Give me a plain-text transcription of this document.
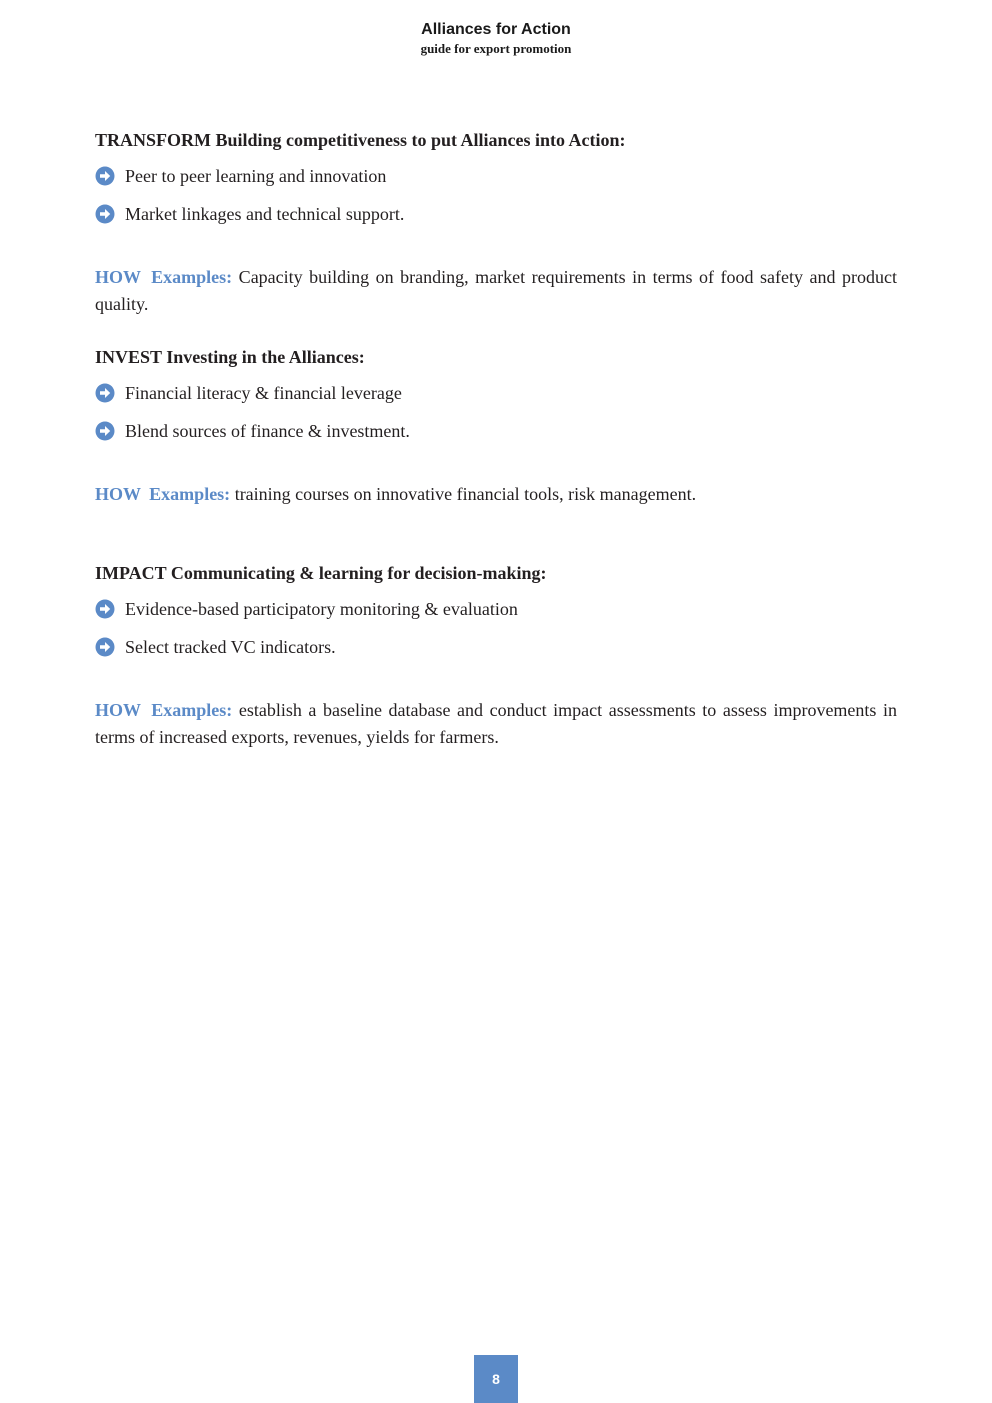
Alliances for Action
guide for export promotion
TRANSFORM Building competitiveness to put Alliances into Action:
Peer to peer learning and innovation
Market linkages and technical support.

HOW Examples: Capacity building on branding, market requirements in terms of food safety and product quality.

INVEST Investing in the Alliances:
Financial literacy & financial leverage
Blend sources of finance & investment.

HOW Examples: training courses on innovative financial tools, risk management.

IMPACT Communicating & learning for decision-making:
Evidence-based participatory monitoring & evaluation
Select tracked VC indicators.

HOW Examples: establish a baseline database and conduct impact assessments to assess improvements in terms of increased exports, revenues, yields for farmers.

8
